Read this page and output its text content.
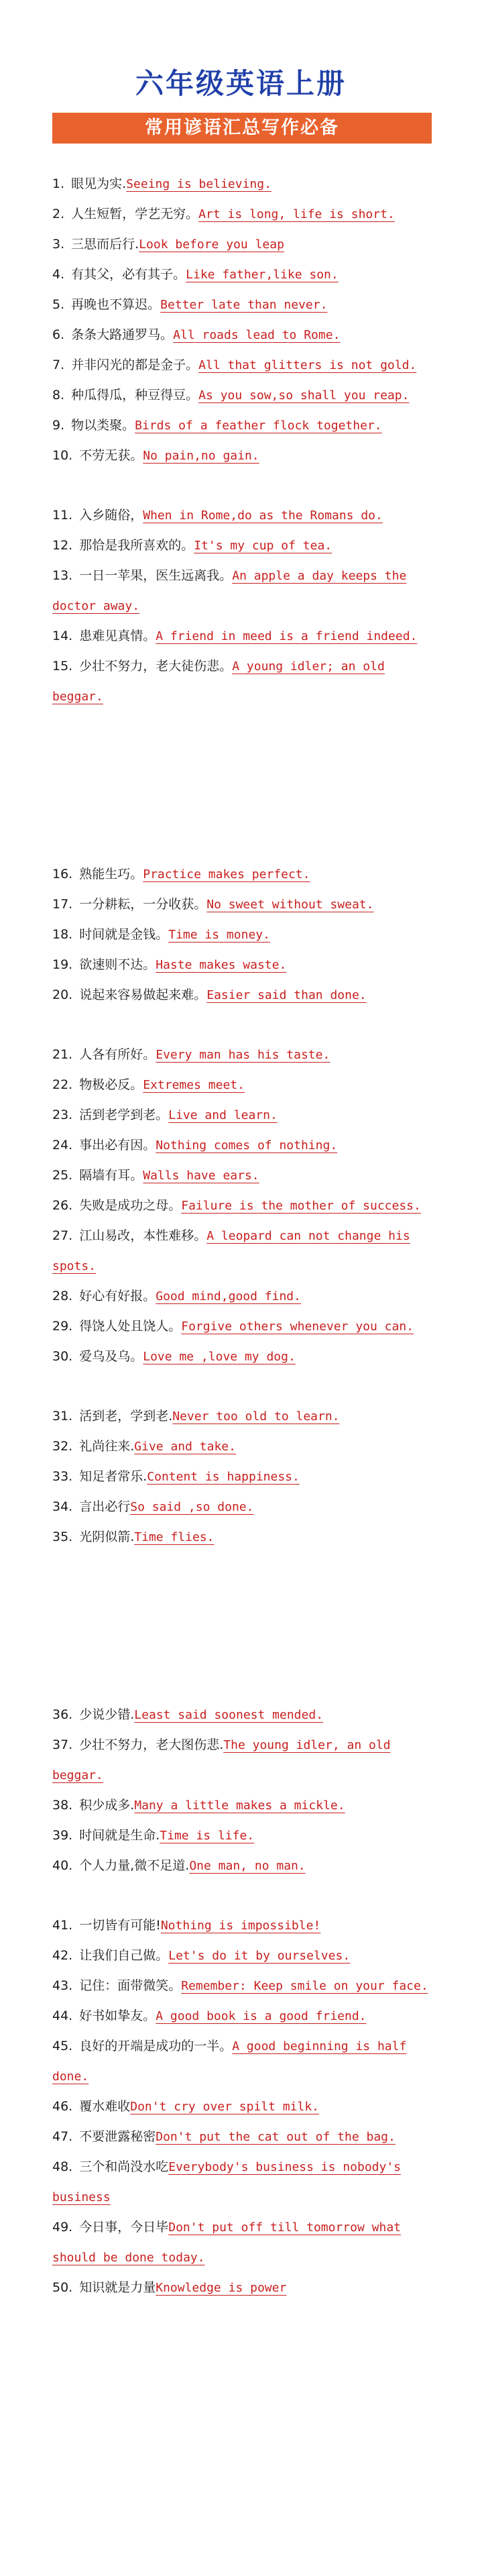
六年级英语上册
常用谚语汇总写作必备
1. 眼见为实.Seeing is believing.
2. 人生短暂，学艺无穷。Art is long, life is short.
3. 三思而后行.Look before you leap
4. 有其父，必有其子。Like father,like son.
5. 再晚也不算迟。Better late than never.
6. 条条大路通罗马。All roads lead to Rome.
7. 并非闪光的都是金子。All that glitters is not gold.
8. 种瓜得瓜，种豆得豆。As you sow,so shall you reap.
9. 物以类聚。Birds of a feather flock together.
10. 不劳无获。No pain,no gain.
11. 入乡随俗，When in Rome,do as the Romans do.
12. 那恰是我所喜欢的。It's my cup of tea.
13. 一日一苹果，医生远离我。An apple a day keeps the doctor away.
14. 患难见真情。A friend in meed is a friend indeed.
15. 少壮不努力，老大徒伤悲。A young idler; an old beggar.
16. 熟能生巧。Practice makes perfect.
17. 一分耕耘，一分收获。No sweet without sweat.
18. 时间就是金钱。Time is money.
19. 欲速则不达。Haste makes waste.
20. 说起来容易做起来难。Easier said than done.
21. 人各有所好。Every man has his taste.
22. 物极必反。Extremes meet.
23. 活到老学到老。Live and learn.
24. 事出必有因。Nothing comes of nothing.
25. 隔墙有耳。Walls have ears.
26. 失败是成功之母。Failure is the mother of success.
27. 江山易改，本性难移。A leopard can not change his spots.
28. 好心有好报。Good mind,good find.
29. 得饶人处且饶人。Forgive others whenever you can.
30. 爱乌及乌。Love me ,love my dog.
31. 活到老，学到老.Never too old to learn.
32. 礼尚往来.Give and take.
33. 知足者常乐.Content is happiness.
34. 言出必行So said ,so done.
35. 光阴似箭.Time flies.
36. 少说少错.Least said soonest mended.
37. 少壮不努力，老大图伤悲.The young idler, an old beggar.
38. 积少成多.Many a little makes a mickle.
39. 时间就是生命.Time is life.
40. 个人力量,微不足道.One man, no man.
41. 一切皆有可能!Nothing is impossible!
42. 让我们自己做。Let's do it by ourselves.
43. 记住：面带微笑。Remember: Keep smile on your face.
44. 好书如挚友。A good book is a good friend.
45. 良好的开端是成功的一半。A good beginning is half done.
46. 覆水难收Don't cry over spilt milk.
47. 不要泄露秘密Don't put the cat out of the bag.
48. 三个和尚没水吃Everybody's business is nobody's business
49. 今日事，今日毕Don't put off till tomorrow what should be done today.
50. 知识就是力量Knowledge is power
